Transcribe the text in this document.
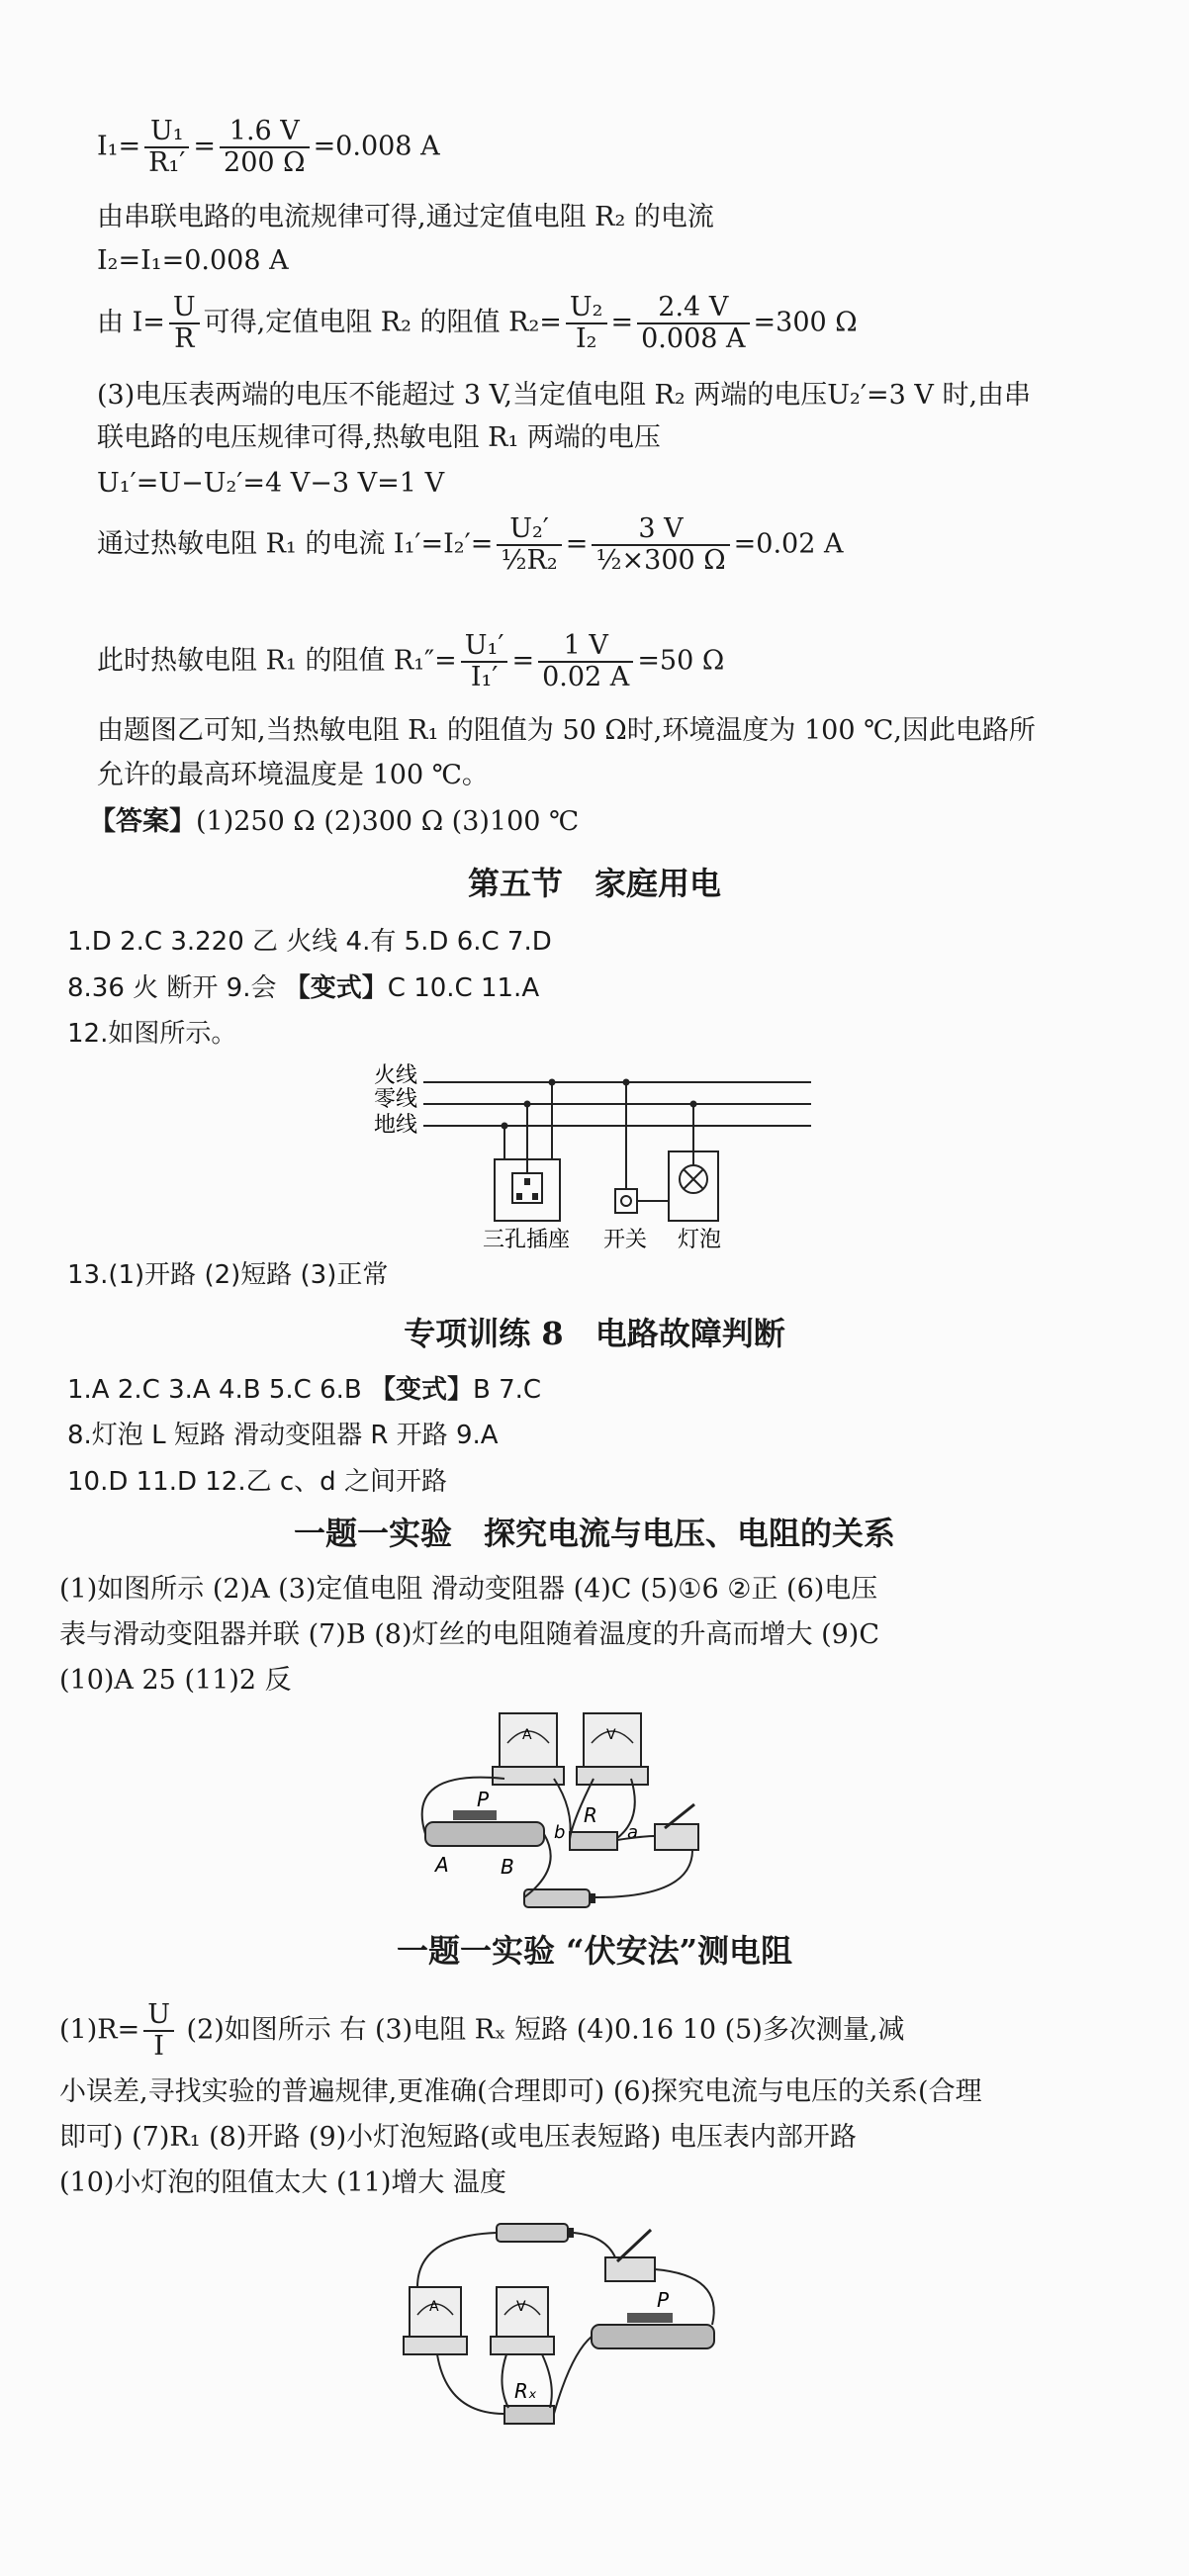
$I_1= \frac{\text{U₁}}{\text{R₁′}} = \frac{1.6 V}{200 \Omega} =0.008$ A
由串联电路的电流规律可得,通过定值电阻 R₂ 的电流
I₂=I₁=0.008 A
由 $I= \frac{U}{R}$ 可得,定值电阻 R₂ 的阻值 $R_2= \frac{\text{U₂}}{\text{I₂}} = \frac{2.4 V}{0.008 A} =300$ Ω
(3)电压表两端的电压不能超过 3 V,当定值电阻 R₂ 两端的电压U₂′=3 V 时,由串
联电路的电压规律可得,热敏电阻 R₁ 两端的电压
U₁′=U−U₂′=4 V−3 V=1 V
通过热敏电阻 R₁ 的电流 $I_1'=I_2'= \frac{\text{U₂′}}{\text{½R₂}} = \frac{3 V}{\text{½×300 Ω}} =0.02$ A
此时热敏电阻 R₁ 的阻值 $R_1''= \frac{\text{U₁′}}{\text{I₁′}} = \frac{1 V}{0.02 A} =50$ Ω
由题图乙可知,当热敏电阻 R₁ 的阻值为 50 Ω时,环境温度为 100 ℃,因此电路所
允许的最高环境温度是 100 ℃。
【答案】(1)250 Ω (2)300 Ω (3)100 ℃
第五节　家庭用电
1.D 2.C 3.220 乙 火线 4.有 5.D 6.C 7.D
8.36 火 断开 9.会 【变式】C 10.C 11.A
12.如图所示。
火线
零线
地线
三孔插座 开关 灯泡
13.(1)开路 (2)短路 (3)正常
专项训练 8　电路故障判断
1.A 2.C 3.A 4.B 5.C 6.B 【变式】B 7.C
8.灯泡 L 短路 滑动变阻器 R 开路 9.A
10.D 11.D 12.乙 c、d 之间开路
一题一实验　探究电流与电压、电阻的关系
(1)如图所示 (2)A (3)定值电阻 滑动变阻器 (4)C (5)①6 ②正 (6)电压
表与滑动变阻器并联 (7)B (8)灯丝的电阻随着温度的升高而增大 (9)C
(10)A 25 (11)2 反
A	V
P
A	B
R
b	a
一题一实验 “伏安法”测电阻
$(1)R= \frac{U}{I} (2)$如图所示 右 (3)电阻 Rₓ 短路 (4)0.16 10 (5)多次测量,减
小误差,寻找实验的普遍规律,更准确(合理即可) (6)探究电流与电压的关系(合理
即可) (7)R₁ (8)开路 (9)小灯泡短路(或电压表短路) 电压表内部开路
(10)小灯泡的阻值太大 (11)增大 温度
A	V	P
Rₓ
